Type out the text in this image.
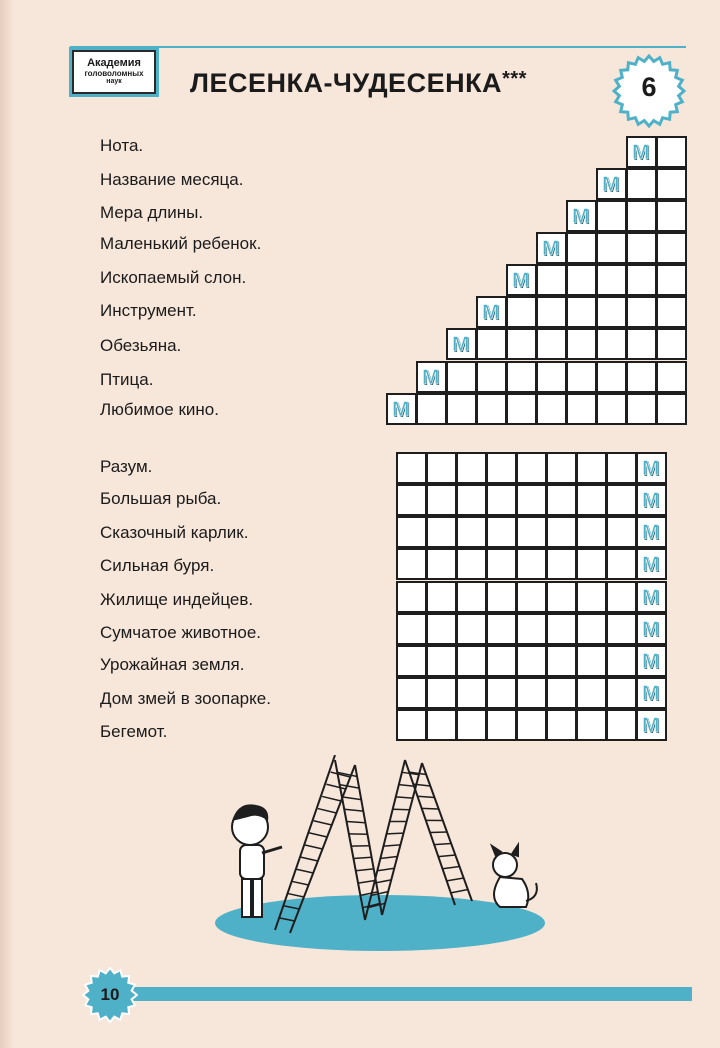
Академия
головоломных
наук	ЛЕСЕНКА-ЧУДЕСЕНКА***	6
Нота.
Название месяца.
Мера длины.
Маленький ребенок.
Ископаемый слон.
Инструмент.
Обезьяна.
Птица.
Любимое кино.
М
М
М
М
М
М
М
М
М
Разум.
Большая рыба.
Сказочный карлик.
Сильная буря.
Жилище индейцев.
Сумчатое животное.
Урожайная земля.
Дом змей в зоопарке.
Бегемот.
М
М
М
М
М
М
М
М
М
10
